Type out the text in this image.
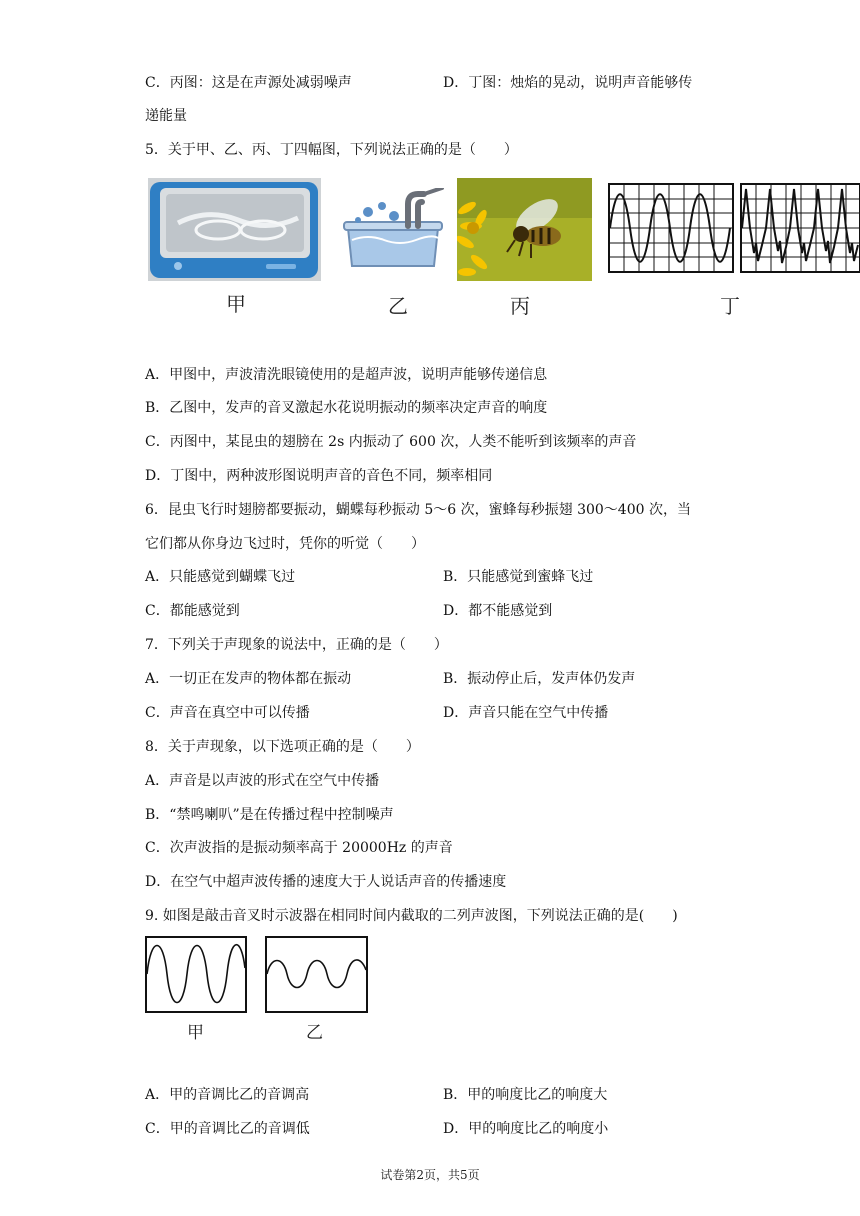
C．丙图：这是在声源处减弱噪声	D．丁图：烛焰的晃动，说明声音能够传
递能量
5．关于甲、乙、丙、丁四幅图，下列说法正确的是（　　）
甲	乙	丙	丁
A．甲图中，声波清洗眼镜使用的是超声波，说明声能够传递信息
B．乙图中，发声的音叉激起水花说明振动的频率决定声音的响度
C．丙图中，某昆虫的翅膀在 2s 内振动了 600 次，人类不能听到该频率的声音
D．丁图中，两种波形图说明声音的音色不同，频率相同
6．昆虫飞行时翅膀都要振动，蝴蝶每秒振动 5～6 次，蜜蜂每秒振翅 300～400 次，当
它们都从你身边飞过时，凭你的听觉（　　）
A．只能感觉到蝴蝶飞过	B．只能感觉到蜜蜂飞过
C．都能感觉到	D．都不能感觉到
7．下列关于声现象的说法中，正确的是（　　）
A．一切正在发声的物体都在振动	B．振动停止后，发声体仍发声
C．声音在真空中可以传播	D．声音只能在空气中传播
8．关于声现象，以下选项正确的是（　　）
A．声音是以声波的形式在空气中传播
B．“禁鸣喇叭”是在传播过程中控制噪声
C．次声波指的是振动频率高于 20000Hz 的声音
D．在空气中超声波传播的速度大于人说话声音的传播速度
9. 如图是敲击音叉时示波器在相同时间内截取的二列声波图，下列说法正确的是(　　)
甲	乙
A．甲的音调比乙的音调高	B．甲的响度比乙的响度大
C．甲的音调比乙的音调低	D．甲的响度比乙的响度小
试卷第2页，共5页
